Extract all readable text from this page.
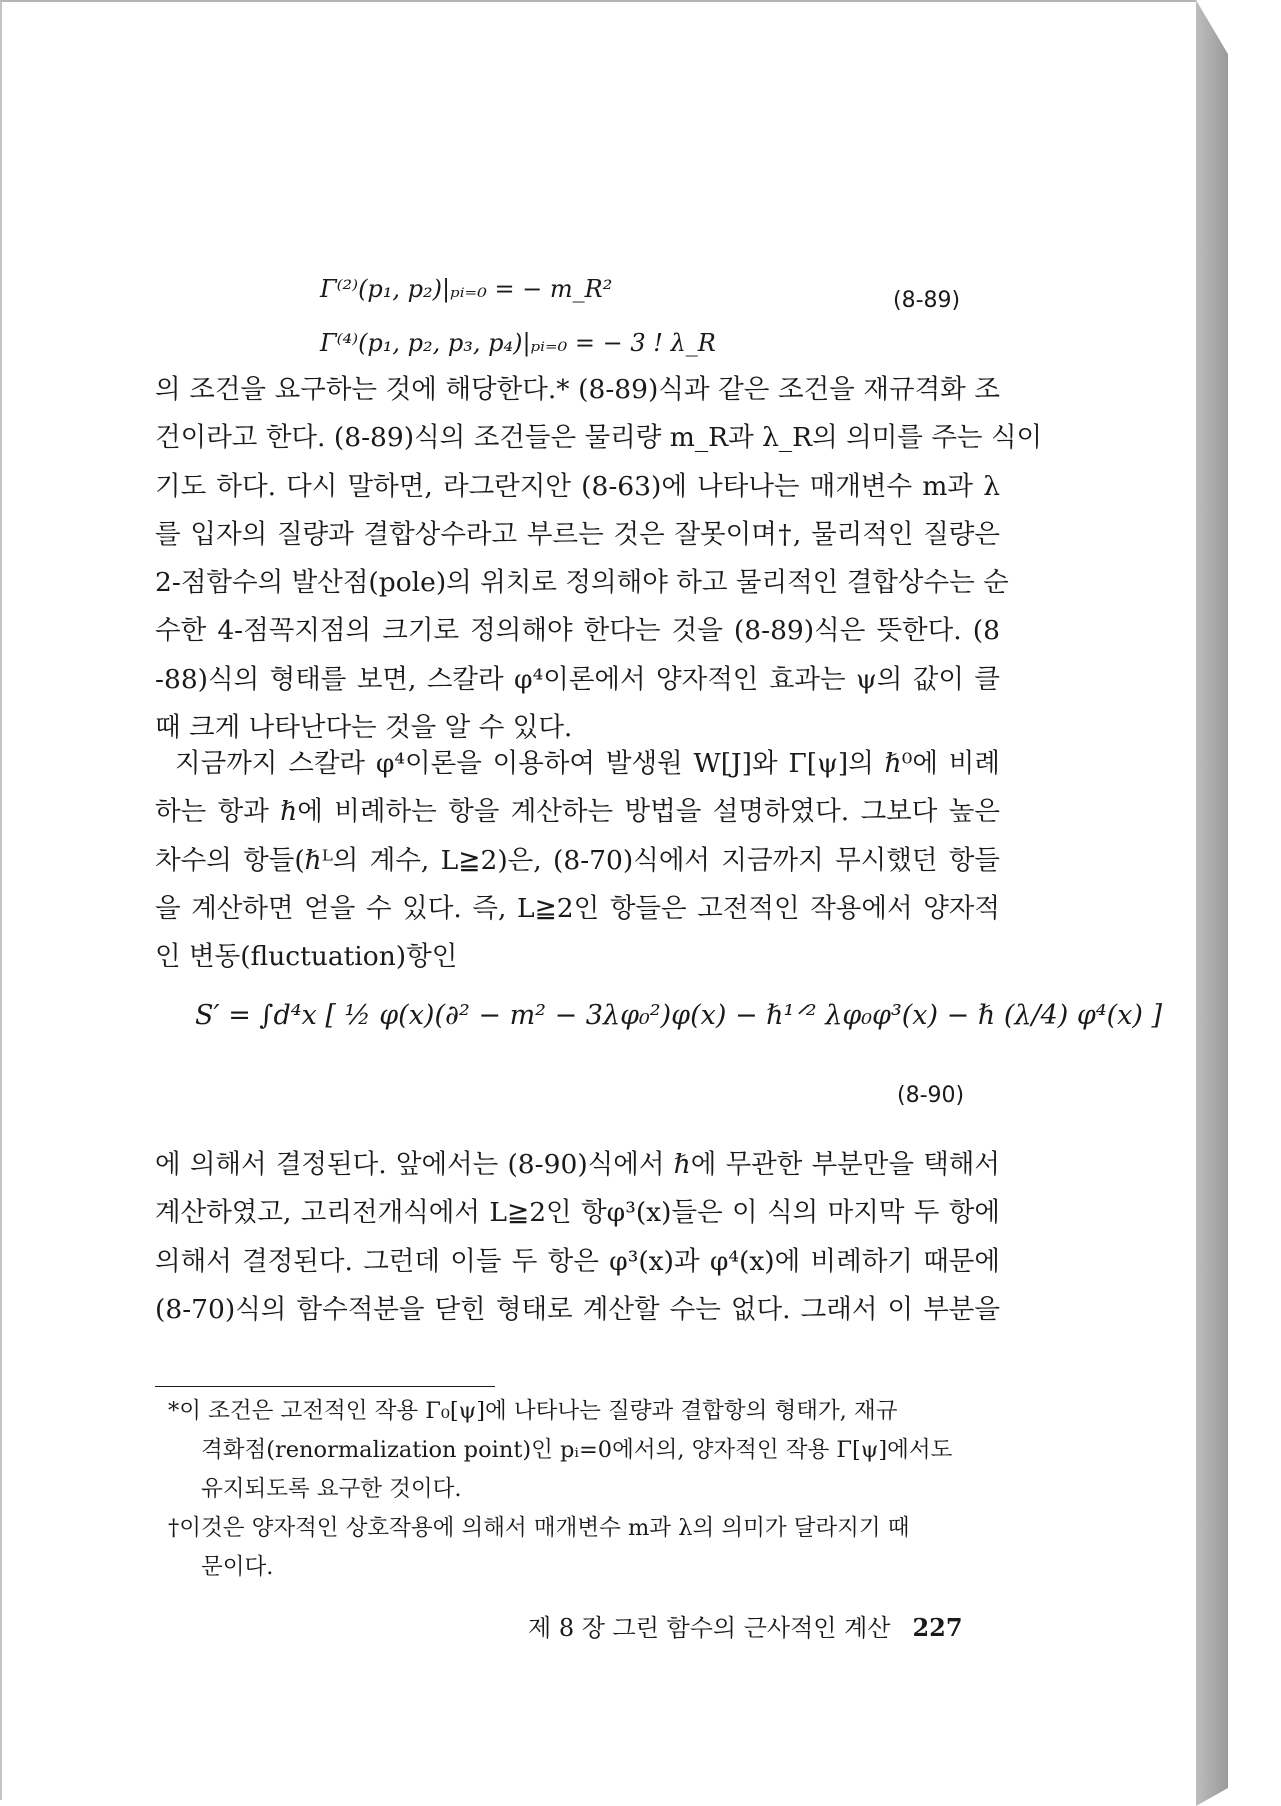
Γ⁽²⁾(p₁, p₂)|ₚᵢ₌₀ = − m_R²
Γ⁽⁴⁾(p₁, p₂, p₃, p₄)|ₚᵢ₌₀ = − 3 ! λ_R
(8-89)
의 조건을 요구하는 것에 해당한다.* (8-89)식과 같은 조건을 재규격화 조
건이라고 한다. (8-89)식의 조건들은 물리량 m_R과 λ_R의 의미를 주는 식이
기도 하다. 다시 말하면, 라그란지안 (8-63)에 나타나는 매개변수 m과 λ
를 입자의 질량과 결합상수라고 부르는 것은 잘못이며†, 물리적인 질량은
2-점함수의 발산점(pole)의 위치로 정의해야 하고 물리적인 결합상수는 순
수한 4-점꼭지점의 크기로 정의해야 한다는 것을 (8-89)식은 뜻한다. (8
-88)식의 형태를 보면, 스칼라 φ⁴이론에서 양자적인 효과는 ψ의 값이 클
때 크게 나타난다는 것을 알 수 있다.
지금까지 스칼라 φ⁴이론을 이용하여 발생원 W[J]와 Γ[ψ]의 ℏ⁰에 비례
하는 항과 ℏ에 비례하는 항을 계산하는 방법을 설명하였다. 그보다 높은
차수의 항들(ℏᴸ의 계수, L≧2)은, (8-70)식에서 지금까지 무시했던 항들
을 계산하면 얻을 수 있다. 즉, L≧2인 항들은 고전적인 작용에서 양자적
인 변동(fluctuation)항인
S′ = ∫d⁴x [ ½ φ(x)(∂² − m² − 3λφ₀²)φ(x) − ℏ¹ᐟ² λφ₀φ³(x) − ℏ (λ/4) φ⁴(x) ]
(8-90)
에 의해서 결정된다. 앞에서는 (8-90)식에서 ℏ에 무관한 부분만을 택해서
계산하였고, 고리전개식에서 L≧2인 항φ³(x)들은 이 식의 마지막 두 항에
의해서 결정된다. 그런데 이들 두 항은 φ³(x)과 φ⁴(x)에 비례하기 때문에
(8-70)식의 함수적분을 닫힌 형태로 계산할 수는 없다. 그래서 이 부분을
*이 조건은 고전적인 작용 Γ₀[ψ]에 나타나는 질량과 결합항의 형태가, 재규
격화점(renormalization point)인 pᵢ=0에서의, 양자적인 작용 Γ[ψ]에서도
유지되도록 요구한 것이다.
†이것은 양자적인 상호작용에 의해서 매개변수 m과 λ의 의미가 달라지기 때
문이다.
제 8 장 그린 함수의 근사적인 계산 227
